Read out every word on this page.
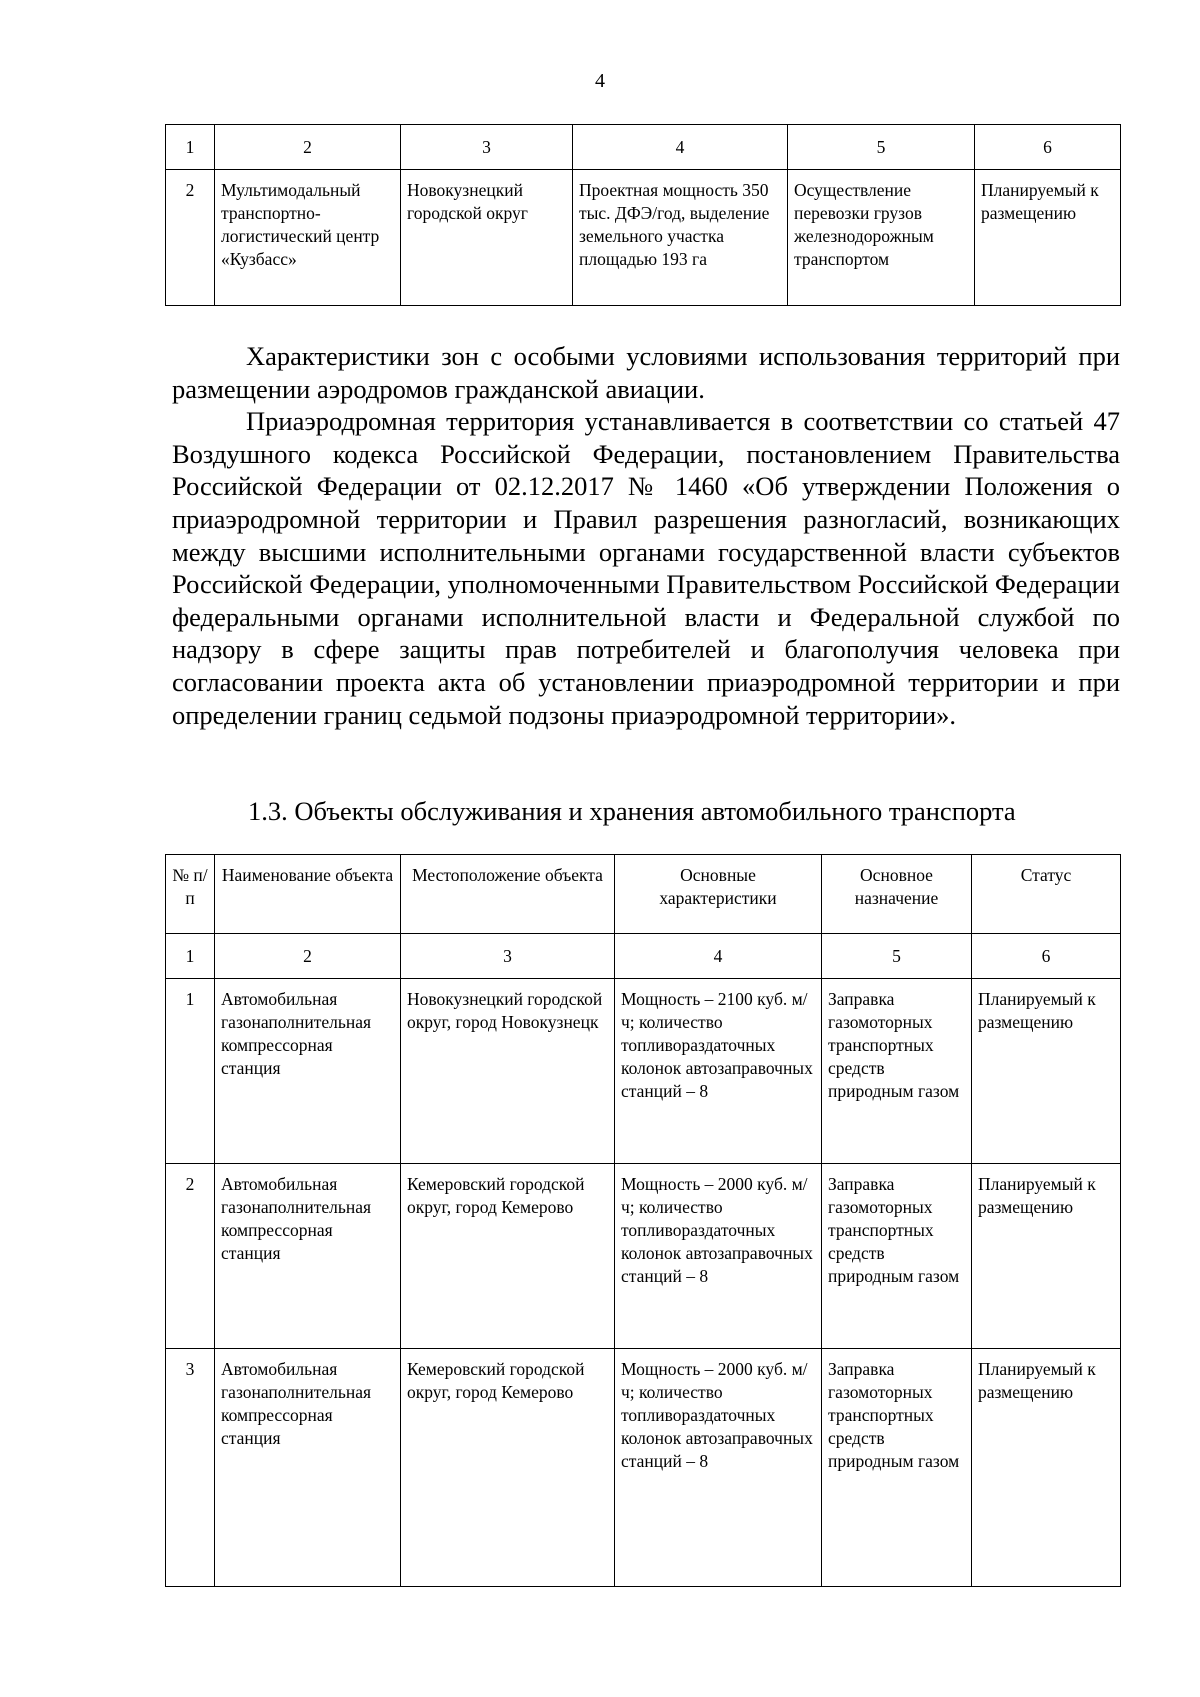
4
1	2	3	4	5	6
2	Мультимодальный транспортно-логистический центр «Кузбасс»	Новокузнецкий городской округ	Проектная мощность 350 тыс. ДФЭ/год, выделение земельного участка площадью 193 га	Осуществление перевозки грузов железнодорожным транспортом	Планируемый к размещению

Характеристики зон с особыми условиями использования территорий при размещении аэродромов гражданской авиации.

Приаэродромная территория устанавливается в соответствии со статьей 47 Воздушного кодекса Российской Федерации, постановлением Правительства Российской Федерации от 02.12.2017 № 1460 «Об утверждении Положения о приаэродромной территории и Правил разрешения разногласий, возникающих между высшими исполнительными органами государственной власти субъектов Российской Федерации, уполномоченными Правительством Российской Федерации федеральными органами исполнительной власти и Федеральной службой по надзору в сфере защиты прав потребителей и благополучия человека при согласовании проекта акта об установлении приаэродромной территории и при определении границ седьмой подзоны приаэродромной территории».

1.3. Объекты обслуживания и хранения автомобильного транспорта
№ п/п	Наименование объекта	Местоположение объекта	Основные характеристики	Основное назначение	Статус
1	2	3	4	5	6
1	Автомобильная газонаполнительная компрессорная станция	Новокузнецкий городской округ, город Новокузнецк	Мощность – 2100 куб. м/ч; количество топливораздаточных колонок автозаправочных станций – 8	Заправка газомоторных транспортных средств природным газом	Планируемый к размещению
2	Автомобильная газонаполнительная компрессорная станция	Кемеровский городской округ, город Кемерово	Мощность – 2000 куб. м/ч; количество топливораздаточных колонок автозаправочных станций – 8	Заправка газомоторных транспортных средств природным газом	Планируемый к размещению
3	Автомобильная газонаполнительная компрессорная станция	Кемеровский городской округ, город Кемерово	Мощность – 2000 куб. м/ч; количество топливораздаточных колонок автозаправочных станций – 8	Заправка газомоторных транспортных средств природным газом	Планируемый к размещению
